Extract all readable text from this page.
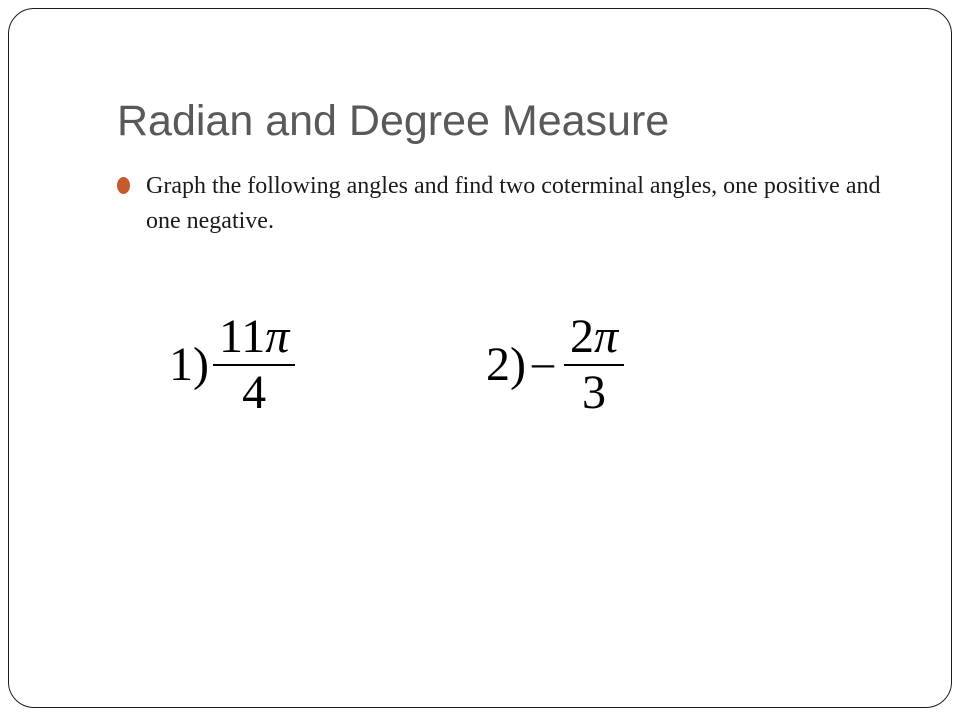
Radian and Degree Measure
Graph the following angles and find two coterminal angles, one positive and one negative.
$1) \frac{11\pi}{4}$	$2) - \frac{2\pi}{3}$
